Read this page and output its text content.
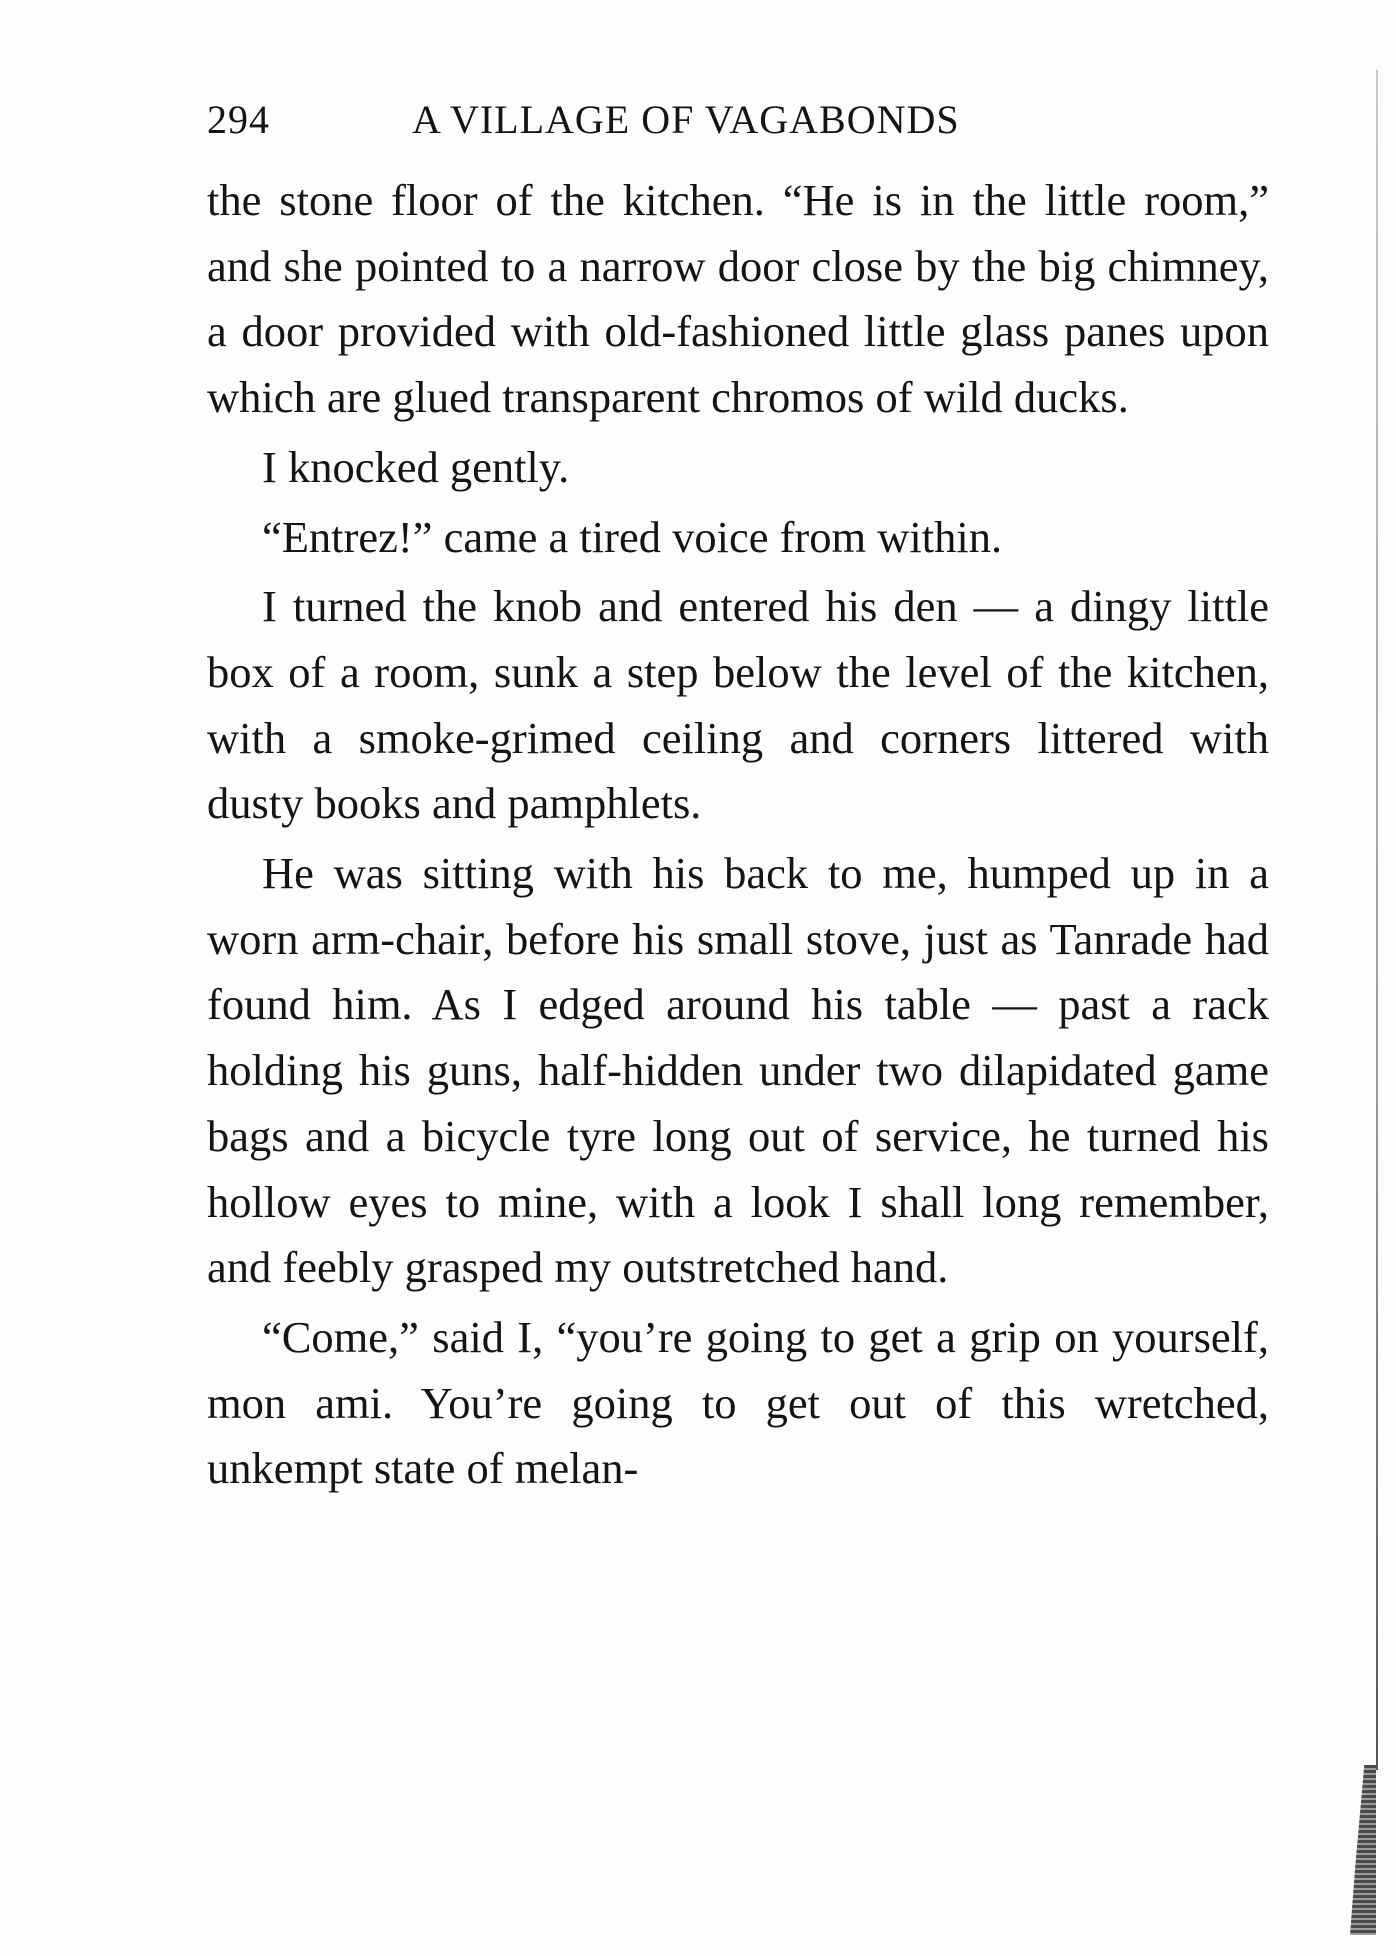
294	A VILLAGE OF VAGABONDS

the stone floor of the kitchen. “He is in the little room,” and she pointed to a narrow door close by the big chimney, a door provided with old-fashioned little glass panes upon which are glued transparent chromos of wild ducks.

I knocked gently.

“Entrez!” came a tired voice from within.

I turned the knob and entered his den — a dingy little box of a room, sunk a step below the level of the kitchen, with a smoke-grimed ceiling and corners littered with dusty books and pamphlets.

He was sitting with his back to me, humped up in a worn arm-chair, before his small stove, just as Tanrade had found him. As I edged around his table — past a rack holding his guns, half-hidden under two dilapidated game bags and a bicycle tyre long out of service, he turned his hollow eyes to mine, with a look I shall long remember, and feebly grasped my outstretched hand.

“Come,” said I, “you’re going to get a grip on yourself, mon ami. You’re going to get out of this wretched, unkempt state of melan-
